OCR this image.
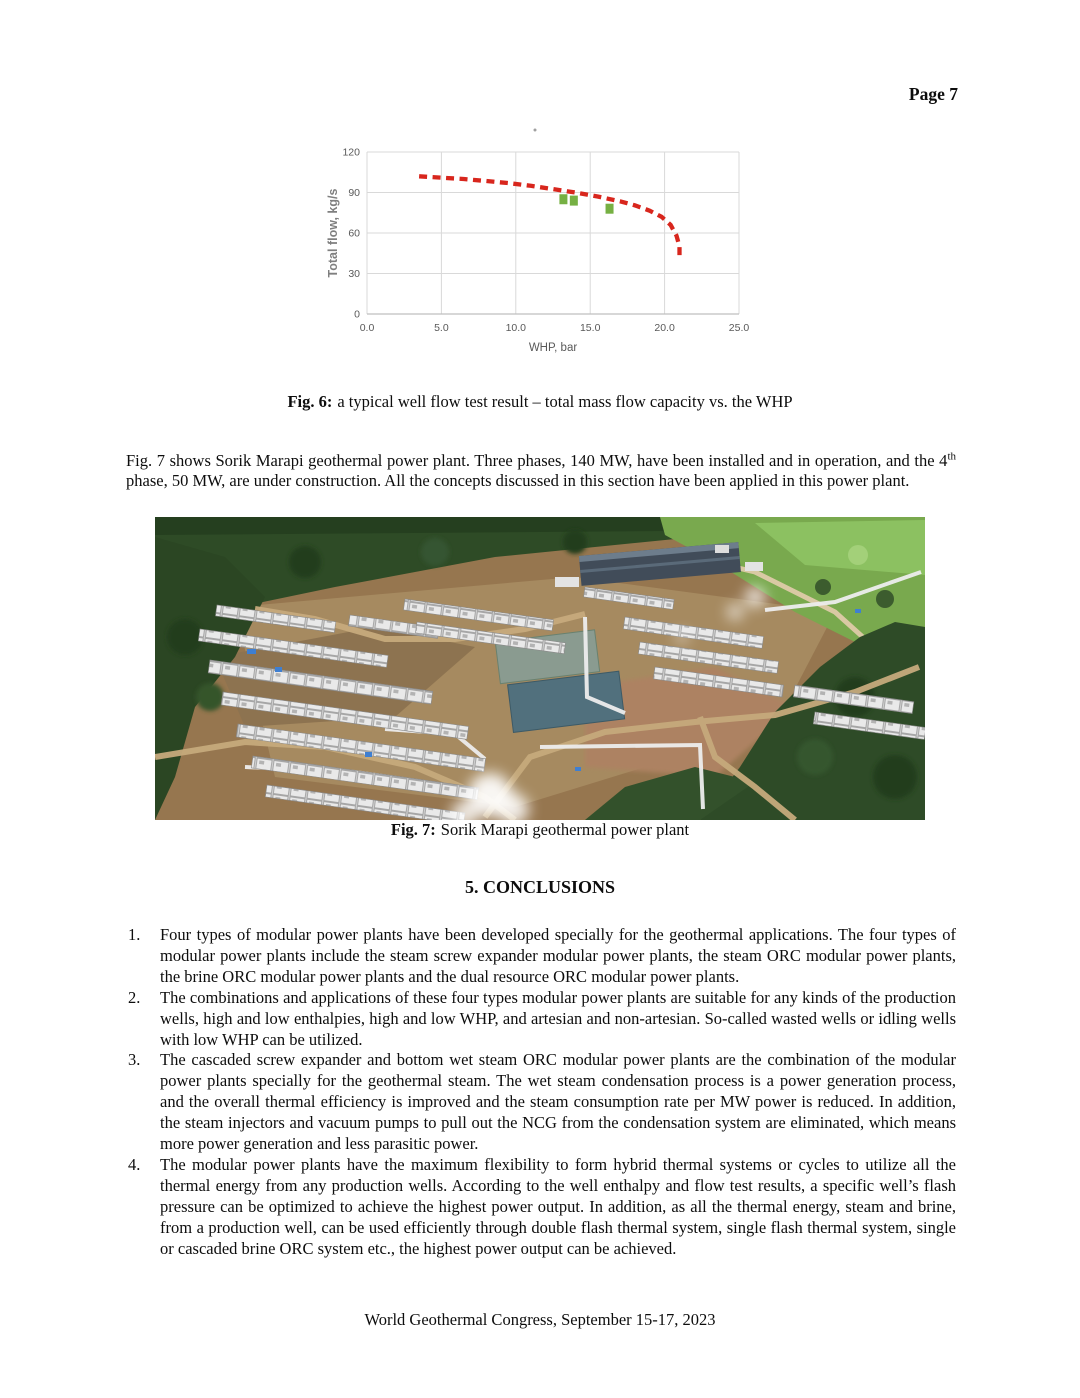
Page 7
0.0	5.0	10.0	15.0	20.0	25.0
0
30
60
90
120
WHP, bar
Total flow, kg/s
Fig. 6: a typical well flow test result – total mass flow capacity vs. the WHP

Fig. 7 shows Sorik Marapi geothermal power plant. Three phases, 140 MW, have been installed and in operation, and the 4th phase, 50 MW, are under construction. All the concepts discussed in this section have been applied in this power plant.

Fig. 7: Sorik Marapi geothermal power plant
5. CONCLUSIONS
1. Four types of modular power plants have been developed specially for the geothermal applications. The four types of modular power plants include the steam screw expander modular power plants, the steam ORC modular power plants, the brine ORC modular power plants and the dual resource ORC modular power plants.
2. The combinations and applications of these four types modular power plants are suitable for any kinds of the production wells, high and low enthalpies, high and low WHP, and artesian and non-artesian. So-called wasted wells or idling wells with low WHP can be utilized.
3. The cascaded screw expander and bottom wet steam ORC modular power plants are the combination of the modular power plants specially for the geothermal steam. The wet steam condensation process is a power generation process, and the overall thermal efficiency is improved and the steam consumption rate per MW power is reduced. In addition, the steam injectors and vacuum pumps to pull out the NCG from the condensation system are eliminated, which means more power generation and less parasitic power.
4. The modular power plants have the maximum flexibility to form hybrid thermal systems or cycles to utilize all the thermal energy from any production wells. According to the well enthalpy and flow test results, a specific well’s flash pressure can be optimized to achieve the highest power output. In addition, as all the thermal energy, steam and brine, from a production well, can be used efficiently through double flash thermal system, single flash thermal system, single or cascaded brine ORC system etc., the highest power output can be achieved.
World Geothermal Congress, September 15-17, 2023
